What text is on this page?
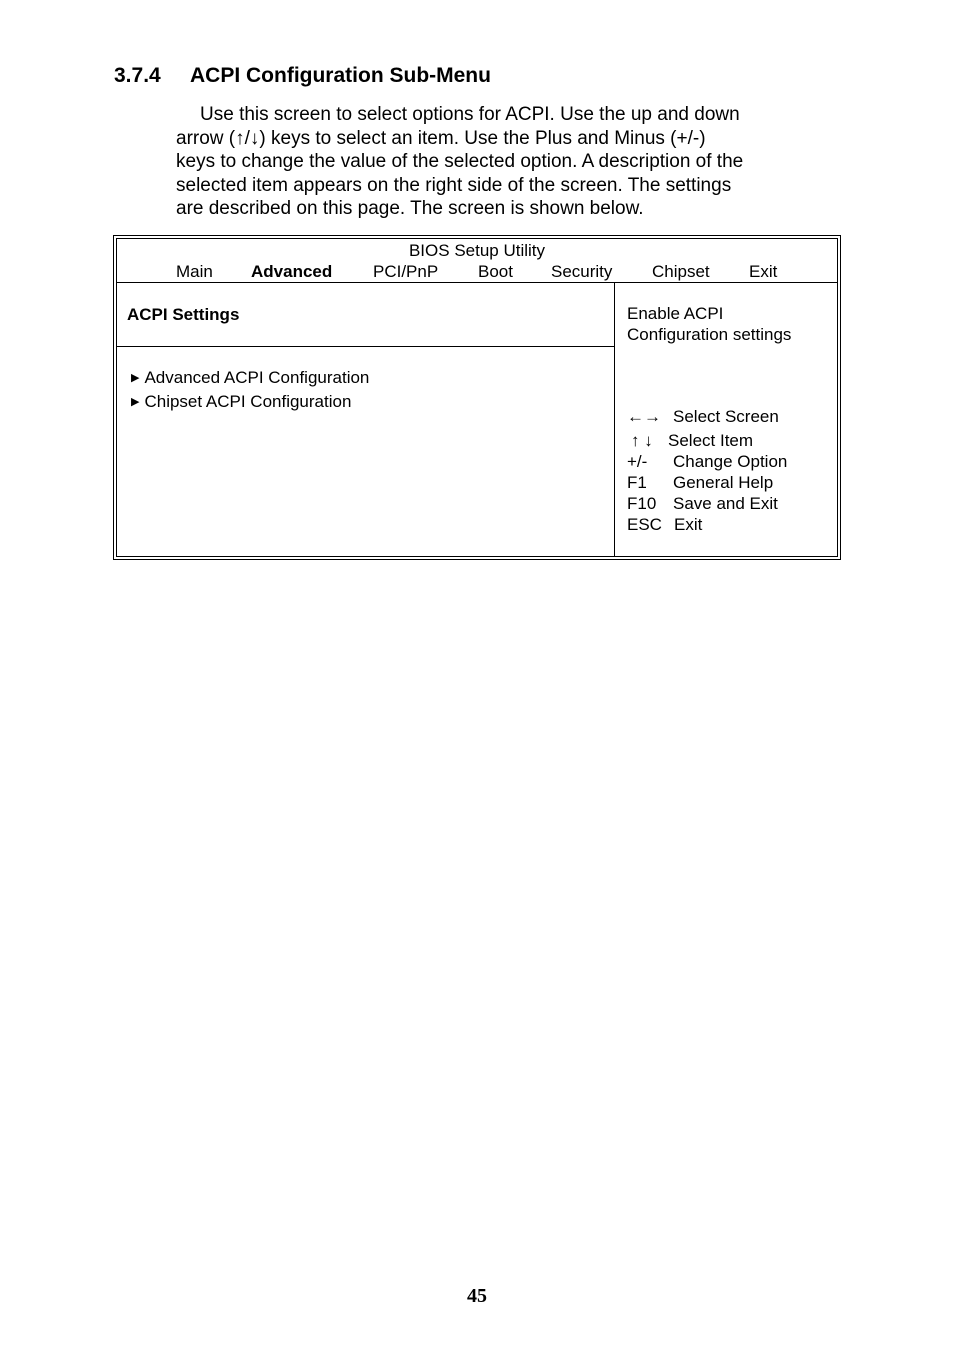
3.7.4 ACPI Configuration Sub-Menu

Use this screen to select options for ACPI. Use the up and down
arrow (↑/↓) keys to select an item. Use the Plus and Minus (+/-)
keys to change the value of the selected option. A description of the
selected item appears on the right side of the screen. The settings
are described on this page. The screen is shown below.

BIOS Setup Utility
Main Advanced PCI/PnP Boot Security Chipset Exit
ACPI Settings
▶ Advanced ACPI Configuration
▶ Chipset ACPI Configuration
Enable ACPI
Configuration settings
←→ Select Screen
↑ ↓ Select Item
+/- Change Option
F1 General Help
F10 Save and Exit
ESC Exit
45
